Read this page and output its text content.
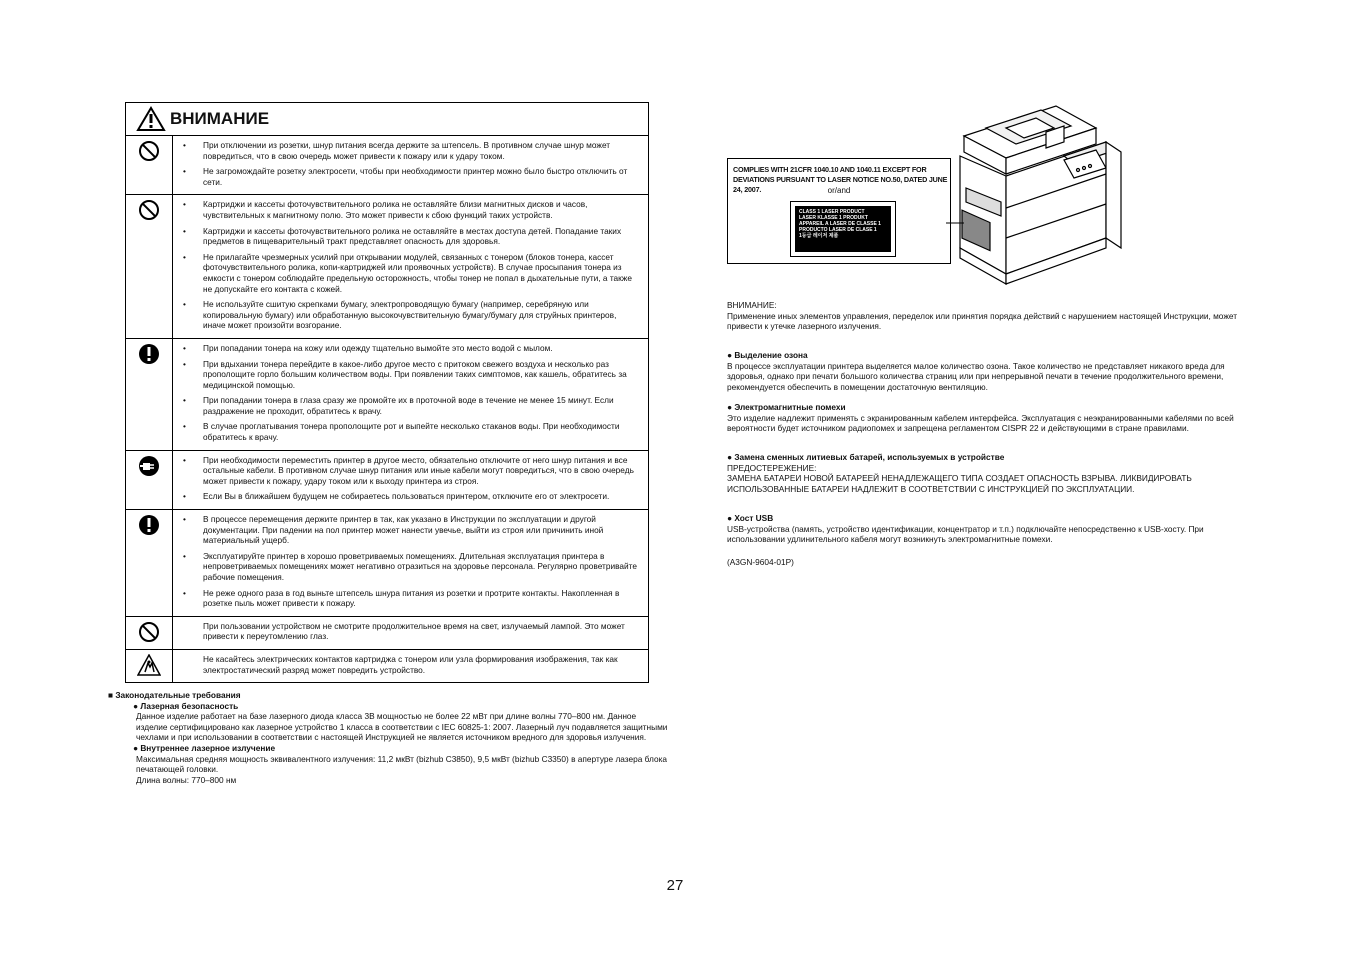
ВНИМАНИЕ
• При отключении из розетки, шнур питания всегда держите за штепсель. В противном случае шнур может повредиться, что в свою очередь может привести к пожару или к удару током.
• Не загромождайте розетку электросети, чтобы при необходимости принтер можно было быстро отключить от сети.
• Картриджи и кассеты фоточувствительного ролика не оставляйте близи магнитных дисков и часов, чувствительных к магнитному полю. Это может привести к сбою функций таких устройств.
• Картриджи и кассеты фоточувствительного ролика не оставляйте в местах доступа детей. Попадание таких предметов в пищеварительный тракт представляет опасность для здоровья.
• Не прилагайте чрезмерных усилий при открывании модулей, связанных с тонером (блоков тонера, кассет фоточувствительного ролика, копи-картриджей или проявочных устройств). В случае просыпания тонера из емкости с тонером соблюдайте предельную осторожность, чтобы тонер не попал в дыхательные пути, а также не допускайте его контакта с кожей.
• Не используйте сшитую скрепками бумагу, электропроводящую бумагу (например, серебряную или копировальную бумагу) или обработанную высокочувствительную бумагу/бумагу для струйных принтеров, иначе может произойти возгорание.
• При попадании тонера на кожу или одежду тщательно вымойте это место водой с мылом.
• При вдыхании тонера перейдите в какое-либо другое место с притоком свежего воздуха и несколько раз прополощите горло большим количеством воды. При появлении таких симптомов, как кашель, обратитесь за медицинской помощью.
• При попадании тонера в глаза сразу же промойте их в проточной воде в течение не менее 15 минут. Если раздражение не проходит, обратитесь к врачу.
• В случае проглатывания тонера прополощите рот и выпейте несколько стаканов воды. При необходимости обратитесь к врачу.
• При необходимости переместить принтер в другое место, обязательно отключите от него шнур питания и все остальные кабели. В противном случае шнур питания или иные кабели могут повредиться, что в свою очередь может привести к пожару, удару током или к выходу принтера из строя.
• Если Вы в ближайшем будущем не собираетесь пользоваться принтером, отключите его от электросети.
• В процессе перемещения держите принтер в так, как указано в Инструкции по эксплуатации и другой документации. При падении на пол принтер может нанести увечье, выйти из строя или причинить иной материальный ущерб.
• Эксплуатируйте принтер в хорошо проветриваемых помещениях. Длительная эксплуатация принтера в непроветриваемых помещениях может негативно отразиться на здоровье персонала. Регулярно проветривайте рабочие помещения.
• Не реже одного раза в год выньте штепсель шнура питания из розетки и протрите контакты. Накопленная в розетке пыль может привести к пожару.
При пользовании устройством не смотрите продолжительное время на свет, излучаемый лампой. Это может привести к переутомлению глаз.
Не касайтесь электрических контактов картриджа с тонером или узла формирования изображения, так как электростатический разряд может повредить устройство.
■ Законодательные требования
● Лазерная безопасность
Данное изделие работает на базе лазерного диода класса 3B мощностью не более 22 мВт при длине волны 770–800 нм. Данное изделие сертифицировано как лазерное устройство 1 класса в соответствии с IEC 60825-1: 2007. Лазерный луч подавляется защитными чехлами и при использовании в соответствии с настоящей Инструкцией не является источником вредного для здоровья излучения.
● Внутреннее лазерное излучение
Максимальная средняя мощность эквивалентного излучения: 11,2 мкВт (bizhub C3850), 9,5 мкВт (bizhub C3350) в апертуре лазера блока печатающей головки.
Длина волны: 770–800 нм
COMPLIES WITH 21CFR 1040.10 AND 1040.11 EXCEPT FOR
DEVIATIONS PURSUANT TO LASER NOTICE NO.50, DATED JUNE 24, 2007.	or/and
CLASS 1 LASER PRODUCT
LASER KLASSE 1 PRODUKT
APPAREIL A LASER DE CLASSE 1
PRODUCTO LASER DE CLASE 1
1등급 레이저 제품
ВНИМАНИЕ:
Применение иных элементов управления, переделок или принятия порядка действий с нарушением настоящей Инструкции, может привести к утечке лазерного излучения.
● Выделение озона
В процессе эксплуатации принтера выделяется малое количество озона. Такое количество не представляет никакого вреда для здоровья, однако при печати большого количества страниц или при непрерывной печати в течение продолжительного времени, рекомендуется обеспечить в помещении достаточную вентиляцию.
● Электромагнитные помехи
Это изделие надлежит применять с экранированным кабелем интерфейса. Эксплуатация с неэкранированными кабелями по всей вероятности будет источником радиопомех и запрещена регламентом CISPR 22 и действующими в стране правилами.
● Замена сменных литиевых батарей, используемых в устройстве
ПРЕДОСТЕРЕЖЕНИЕ:
ЗАМЕНА БАТАРЕИ НОВОЙ БАТАРЕЕЙ НЕНАДЛЕЖАЩЕГО ТИПА СОЗДАЕТ ОПАСНОСТЬ ВЗРЫВА. ЛИКВИДИРОВАТЬ ИСПОЛЬЗОВАННЫЕ БАТАРЕИ НАДЛЕЖИТ В СООТВЕТСТВИИ С ИНСТРУКЦИЕЙ ПО ЭКСПЛУАТАЦИИ.
● Хост USB
USB-устройства (память, устройство идентификации, концентратор и т.п.) подключайте непосредственно к USB-хосту. При использовании удлинительного кабеля могут возникнуть электромагнитные помехи.
(A3GN-9604-01P)
27
